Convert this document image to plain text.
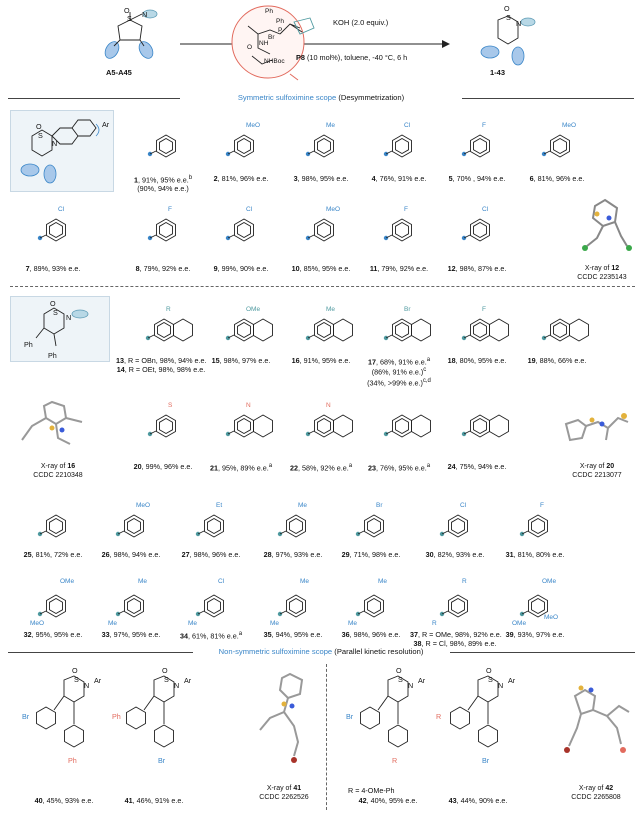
O
S N
A5-A45
Ph
Ph
P
Br
NH
O
NHBoc
KOH (2.0 equiv.)
P8 (10 mol%), toluene, -40 °C, 6 h
O
S
N
1-43
Symmetric sulfoximine scope (Desymmetrization)
O
S
N
Ar
1, 91%, 95% e.e.$^b$
(90%, 94% e.e.)
MeO
2, 81%, 96% e.e.
Me
3, 98%, 95% e.e.
Cl
4, 76%, 91% e.e.
F
5, 70% , 94% e.e.
MeO
6, 81%, 96% e.e.
Cl
7, 89%, 93% e.e.
F
8, 79%, 92% e.e.
Cl
9, 99%, 90% e.e.
MeO
10, 85%, 95% e.e.
F
11, 79%, 92% e.e.
Cl
12, 98%, 87% e.e.	X-ray of 12
CCDC 2235143
O
S
N
Ph
Ph
R
13, R = OBn, 98%, 94% e.e.
14, R = OEt, 98%, 98% e.e.
OMe
15, 98%, 97% e.e.
Me
16, 91%, 95% e.e.
Br
17, 68%, 91% e.e.$^a$
(86%, 91% e.e.)$^c$
(34%, >99% e.e.)$^{c,d}$
F
18, 80%, 95% e.e.	19, 88%, 66% e.e.
X-ray of 16
CCDC 2210348
S
20, 99%, 96% e.e.
N
21, 95%, 89% e.e.$^a$
N
22, 58%, 92% e.e.$^a$	23, 76%, 95% e.e.$^a$	24, 75%, 94% e.e.	X-ray of 20
CCDC 2213077
25, 81%, 72% e.e.
MeO
26, 98%, 94% e.e.
Et
27, 98%, 96% e.e.
Me
28, 97%, 93% e.e.
Br
29, 71%, 98% e.e.
Cl
30, 82%, 93% e.e.
F
31, 81%, 80% e.e.
OMe
MeO
32, 95%, 95% e.e.
Me
Me
33, 97%, 95% e.e.
Cl
Me
34, 61%, 81% e.e.$^a$
Me
Me
35, 94%, 95% e.e.
Me
Me
36, 98%, 96% e.e.
R
R
37, R = OMe, 98%, 92% e.e.
38, R = Cl, 98%, 89% e.e.
OMe
OMe
MeO
39, 93%, 97% e.e.
Non-symmetric sulfoximine scope (Parallel kinetic resolution)
O
S
N
Ar
Br
Ph
40, 45%, 93% e.e.
O
S
N
Ar
Ph
Br
41, 46%, 91% e.e.
O
S
N
Ar
Br
R
R = 4-OMe-Ph
42, 40%, 95% e.e.
O
S
N
Ar
R
Br
43, 44%, 90% e.e.
X-ray of 41
CCDC 2262526
X-ray of 42
CCDC 2265808
